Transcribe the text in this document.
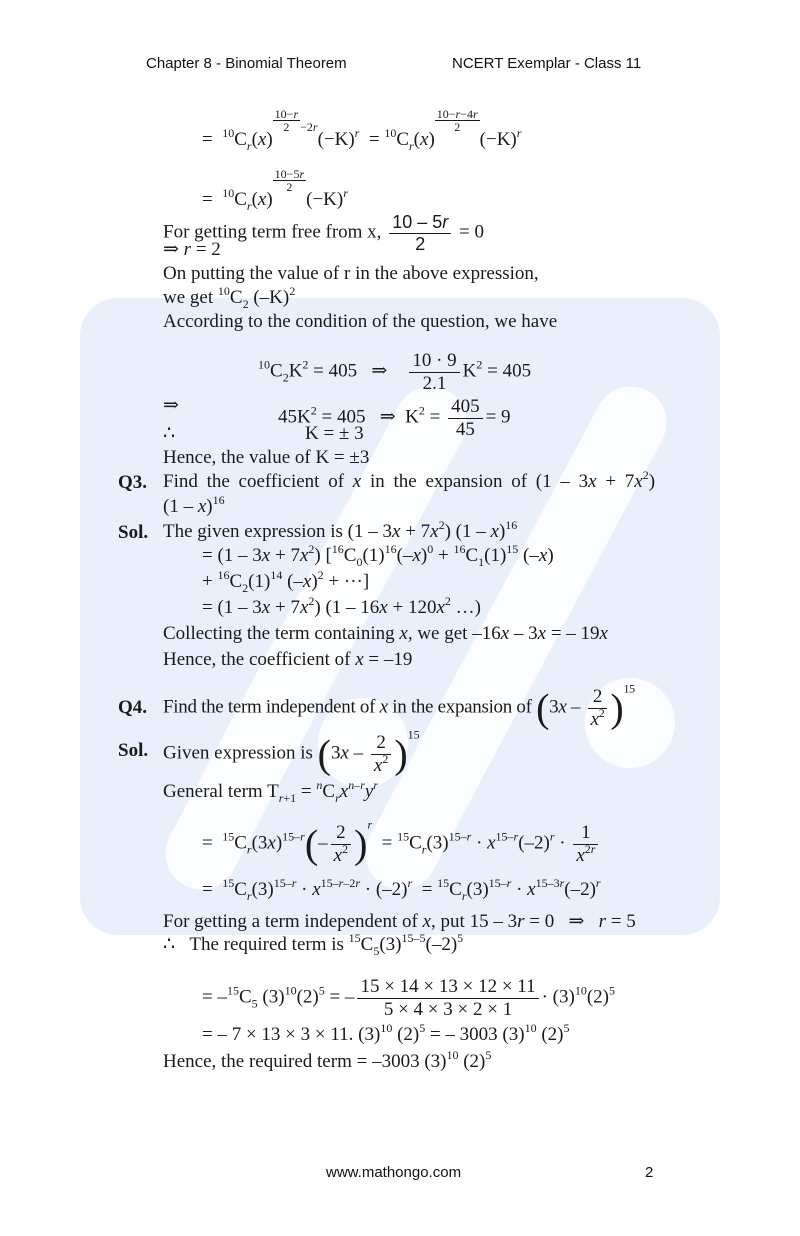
Chapter 8 - Binomial Theorem	NCERT Exemplar - Class 11
=  $^{10}C_r(x)$
$\frac{10-r}{2} ^{-2r}(-K)^r = ^{10}C_r(x)$
$\frac{10-r-4r}{2}$
$(-K)^r$
=  $^{10}C_r(x)$
$\frac{10-5r}{2}$
$(-K)^r$
For getting term free from x, $\frac{10 - 5r}{2} = 0$
⇒ r = 2
On putting the value of r in the above expression,
we get $^{10}C_2$ $(-K)^2$
According to the condition of the question, we have
$^{10}C_2K^2 = 405$   ⇒ $\frac{10 \cdot 9}{2.1} K^2 = 405$
⇒
$45K^2 = 405$   ⇒  $K^2 = \frac{405}{45} = 9$
∴	K = ± 3
Hence, the value of K = ±3
Q3. Find the coefficient of x in the expansion of $(1 - 3x + 7x^2)$
(1 – x)$^{16}$
Sol. The given expression is $(1 - 3x + 7x^2)$ (1 – x)$^{16}$
= $(1 - 3x + 7x^2)$ [$^{16}C_0(1)^{16}(-x)^0 + ^{16}C_1(1)^{15}$ (–x)
+ $^{16}C_2(1)^{14}$ $(-x)^2$ + ···]
= $(1 - 3x + 7x^2)$ ($1 - 16x + 120x^2$ …)
Collecting the term containing x, we get –16x – 3x = – 19x
Hence, the coefficient of x = –19
Q4. Find the term independent of x in the expansion of $(3x - \frac{2}{x^2} )^{15}$
Sol. Given expression is $(3x - \frac{2}{x^2} )^{15}$
General term $T_{r+1} = ^nC_rx^{n-r}y^r$
=  $^{15}C_r(3x)^{15-r}(- \frac{2}{x^2} )^r = ^{15}C_r(3)^{15-r} \cdot x^{15-r}(-2)^r \cdot \frac{1}{x^{2r}}$
=  $^{15}C_r(3)^{15-r} \cdot x^{15-r-2r} \cdot (-2)^r = ^{15}C_r(3)^{15-r} \cdot x^{15-3r}(-2)^r$
For getting a term independent of x, put 15 – 3r = 0   ⇒   r = 5
∴   The required term is $^{15}C_5(3)^{15-5}(-2)^5$
= $-^{15}C_5$ $(3)^{10}(2)^5$ = – $\frac{15 \times 14 \times 13 \times 12 \times 11}{5 \times 4 \times 3 \times 2 \times 1} \cdot (3)^{10}(2)^5$
= – 7 × 13 × 3 × 11. $(3)^{10}$ $(2)^5$ = – 3003 $(3)^{10}$ $(2)^5$
Hence, the required term = –3003 $(3)^{10}$ $(2)^5$
www.mathongo.com	2
